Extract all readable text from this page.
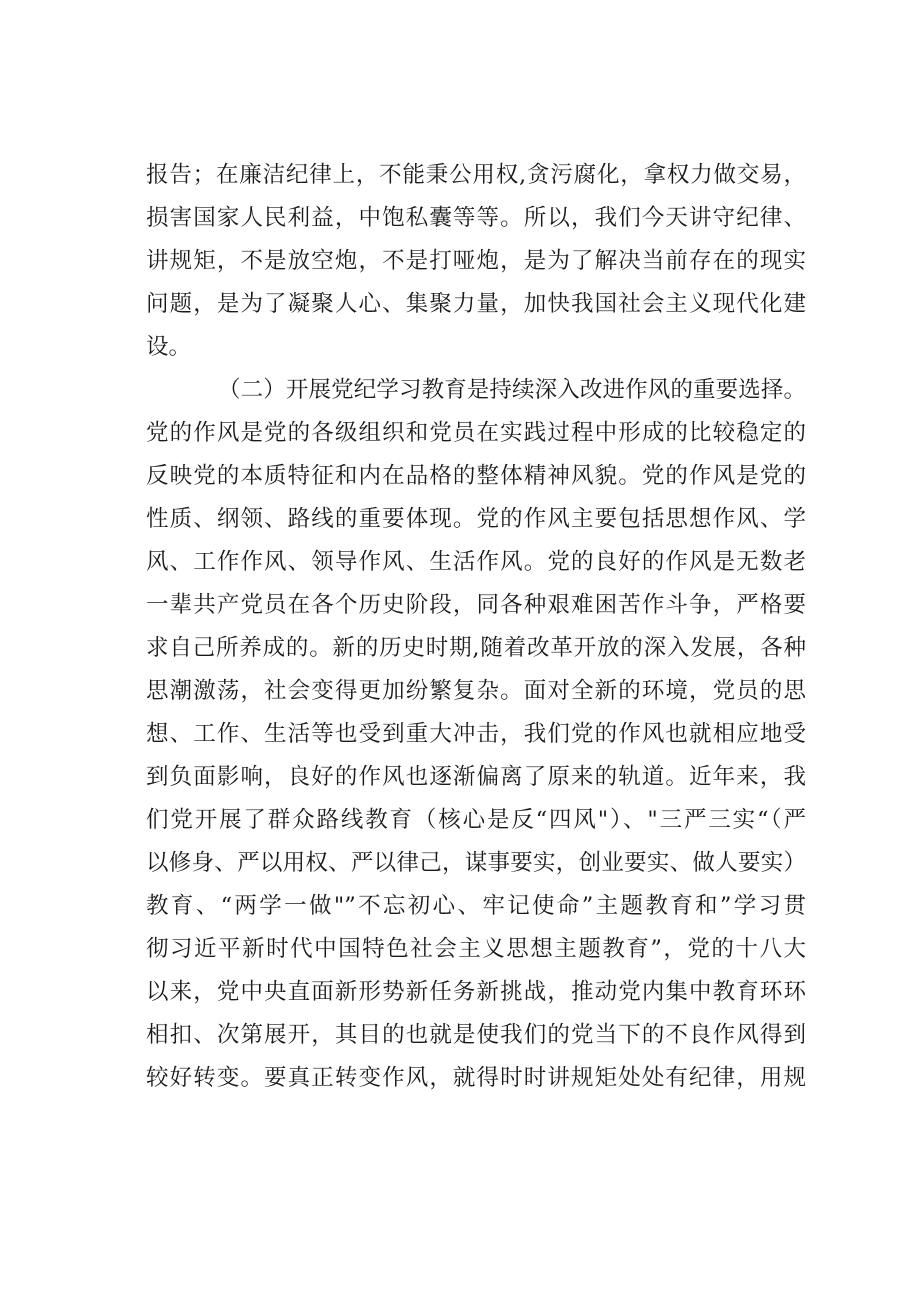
报告；在廉洁纪律上，不能秉公用权,贪污腐化，拿权力做交易，
损害国家人民利益，中饱私囊等等。所以，我们今天讲守纪律、
讲规矩，不是放空炮，不是打哑炮，是为了解决当前存在的现实
问题，是为了凝聚人心、集聚力量，加快我国社会主义现代化建
设。
（二）开展党纪学习教育是持续深入改进作风的重要选择。
党的作风是党的各级组织和党员在实践过程中形成的比较稳定的
反映党的本质特征和内在品格的整体精神风貌。党的作风是党的
性质、纲领、路线的重要体现。党的作风主要包括思想作风、学
风、工作作风、领导作风、生活作风。党的良好的作风是无数老
一辈共产党员在各个历史阶段，同各种艰难困苦作斗争，严格要
求自己所养成的。新的历史时期,随着改革开放的深入发展，各种
思潮激荡，社会变得更加纷繁复杂。面对全新的环境，党员的思
想、工作、生活等也受到重大冲击，我们党的作风也就相应地受
到负面影响，良好的作风也逐渐偏离了原来的轨道。近年来，我
们党开展了群众路线教育（核心是反“四风"）、"三严三实“（严
以修身、严以用权、严以律己，谋事要实，创业要实、做人要实）
教育、“两学一做"”不忘初心、牢记使命”主题教育和”学习贯
彻习近平新时代中国特色社会主义思想主题教育”，党的十八大
以来，党中央直面新形势新任务新挑战，推动党内集中教育环环
相扣、次第展开，其目的也就是使我们的党当下的不良作风得到
较好转变。要真正转变作风，就得时时讲规矩处处有纪律，用规
